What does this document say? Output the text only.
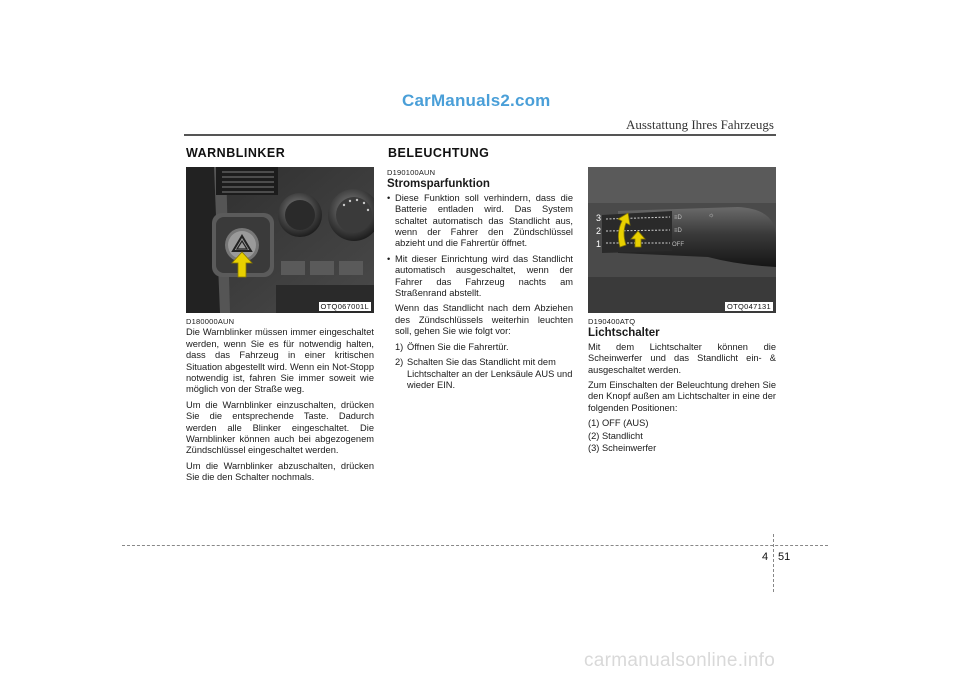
CarManuals2.com
Ausstattung Ihres Fahrzeugs
WARNBLINKER
OTQ067001L
D180000AUN

Die Warnblinker müssen immer eingeschaltet werden, wenn Sie es für notwendig halten, dass das Fahrzeug in einer kritischen Situation abgestellt wird. Wenn ein Not-Stopp notwendig ist, fahren Sie immer soweit wie möglich von der Straße weg.

Um die Warnblinker einzuschalten, drücken Sie die entsprechende Taste. Dadurch werden alle Blinker eingeschaltet. Die Warnblinker können auch bei abgezogenem Zündschlüssel eingeschaltet werden.

Um die Warnblinker abzuschalten, drücken Sie die den Schalter nochmals.

BELEUCHTUNG
D190100AUN
Stromsparfunktion
• Diese Funktion soll verhindern, dass die Batterie entladen wird. Das System schaltet automatisch das Standlicht aus, wenn der Fahrer den Zündschlüssel abzieht und die Fahrertür öffnet.
• Mit dieser Einrichtung wird das Standlicht automatisch ausgeschaltet, wenn der Fahrer das Fahrzeug nachts am Straßenrand abstellt.

Wenn das Standlicht nach dem Abziehen des Zündschlüssels weiterhin leuchten soll, gehen Sie wie folgt vor:

1) Öffnen Sie die Fahrertür.
2) Schalten Sie das Standlicht mit dem Lichtschalter an der Lenksäule AUS und wieder EIN.
≡D
≡D
OFF
☼
3
2
1
OTQ047131
D190400ATQ
Lichtschalter

Mit dem Lichtschalter können die Scheinwerfer und das Standlicht ein- & ausgeschaltet werden.

Zum Einschalten der Beleuchtung drehen Sie den Knopf außen am Lichtschalter in eine der folgenden Positionen:

(1) OFF (AUS)

(2) Standlicht

(3) Scheinwerfer

4 51
carmanualsonline.info
